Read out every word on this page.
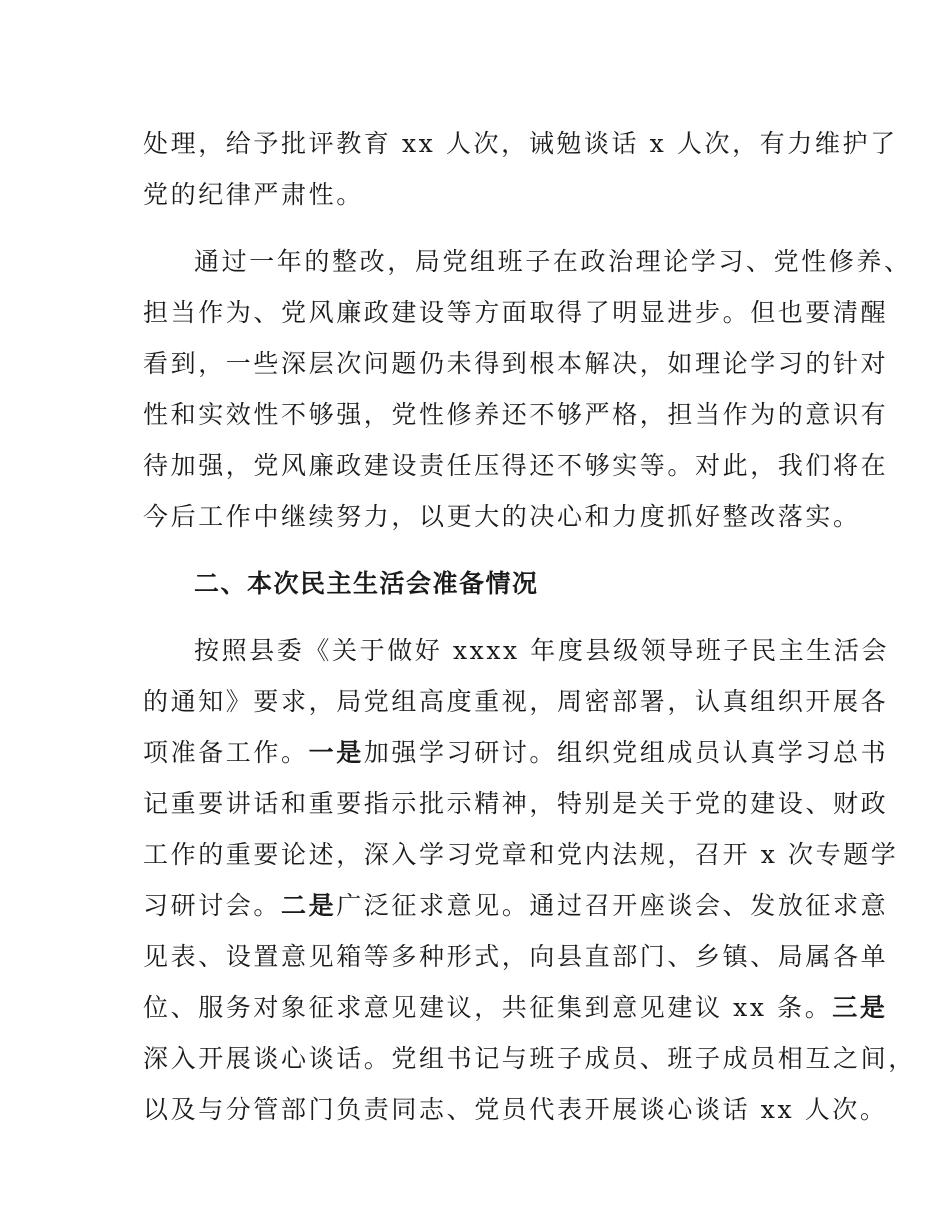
处理，给予批评教育 xx 人次，诫勉谈话 x 人次，有力维护了
党的纪律严肃性。
通过一年的整改，局党组班子在政治理论学习、党性修养、
担当作为、党风廉政建设等方面取得了明显进步。但也要清醒
看到，一些深层次问题仍未得到根本解决，如理论学习的针对
性和实效性不够强，党性修养还不够严格，担当作为的意识有
待加强，党风廉政建设责任压得还不够实等。对此，我们将在
今后工作中继续努力，以更大的决心和力度抓好整改落实。
二、本次民主生活会准备情况
按照县委《关于做好 xxxx 年度县级领导班子民主生活会
的通知》要求，局党组高度重视，周密部署，认真组织开展各
项准备工作。一是加强学习研讨。组织党组成员认真学习总书
记重要讲话和重要指示批示精神，特别是关于党的建设、财政
工作的重要论述，深入学习党章和党内法规，召开 x 次专题学
习研讨会。二是广泛征求意见。通过召开座谈会、发放征求意
见表、设置意见箱等多种形式，向县直部门、乡镇、局属各单
位、服务对象征求意见建议，共征集到意见建议 xx 条。三是
深入开展谈心谈话。党组书记与班子成员、班子成员相互之间，
以及与分管部门负责同志、党员代表开展谈心谈话 xx 人次。
